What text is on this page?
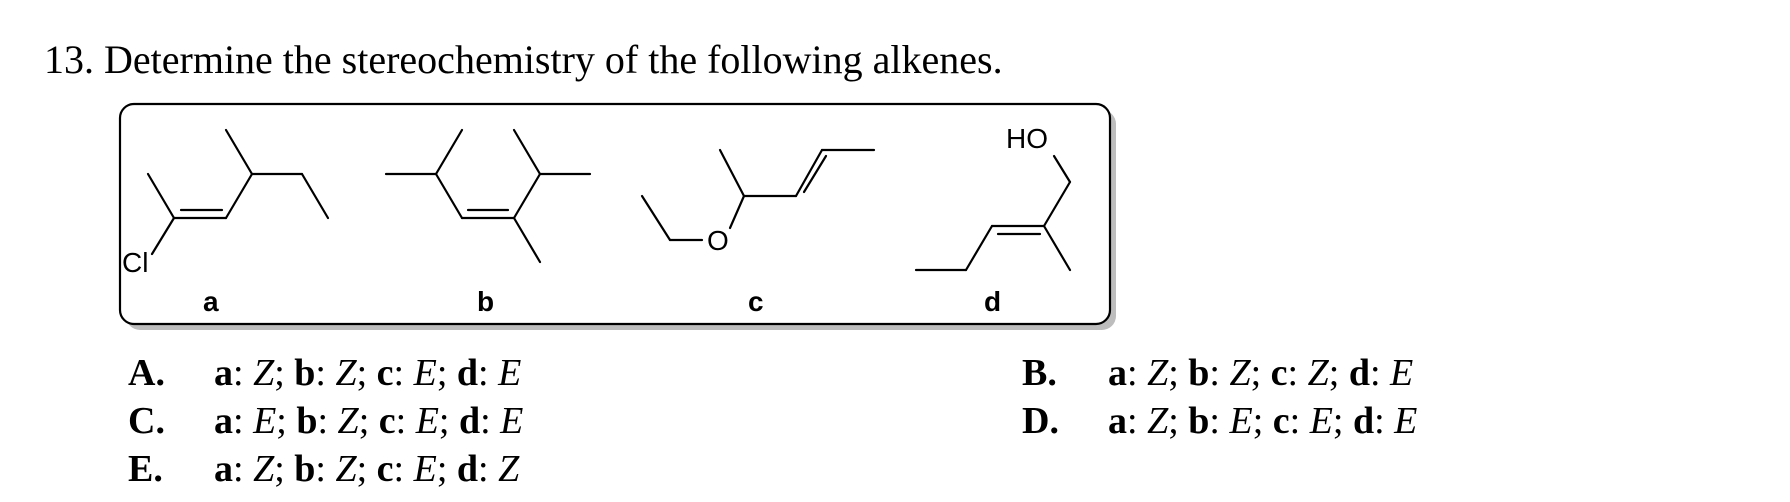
13. Determine the stereochemistry of the following alkenes.
Cl
O
HO
a	b	c	d
A. a: Z; b: Z; c: E; d: E	B. a: Z; b: Z; c: Z; d: E
C. a: E; b: Z; c: E; d: E	D. a: Z; b: E; c: E; d: E
E. a: Z; b: Z; c: E; d: Z
